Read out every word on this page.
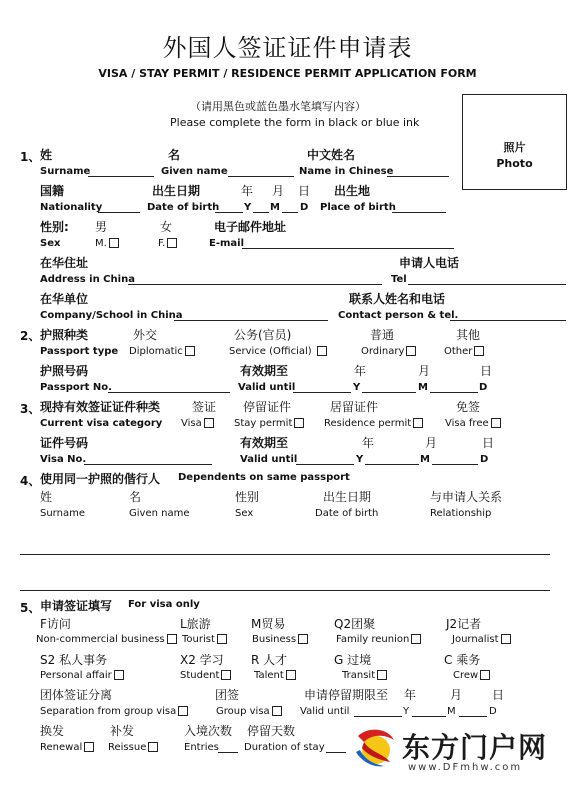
外国人签证证件申请表
VISA / STAY PERMIT / RESIDENCE PERMIT APPLICATION FORM
（请用黑色或蓝色墨水笔填写内容）
Please complete the form in black or blue ink
照片
Photo
1、 姓	名	中文姓名
Surname	Given name	Name in Chinese
国籍	出生日期	年 月 日 出生地
Nationality	Date of birth Y M D Place of birth
性别: 男	女	电子邮件地址
Sex	M.	F.	E-mail
在华住址	申请人电话
Address in China	Tel
在华单位	联系人姓名和电话
Company/School in China	Contact person & tel.
2、 护照种类	外交	公务(官员)	普通	其他
Passport type Diplomatic	Service (Official)	Ordinary	Other
护照号码	有效期至	年	月	日
Passport No.	Valid until	Y	M	D
3、 现持有效签证证件种类	签证 停留证件	居留证件	免签
Current visa category Visa	Stay permit	Residence permit	Visa free
证件号码	有效期至	年	月	日
Visa No.	Valid until	Y	M	D
4、 使用同一护照的偕行人 Dependents on same passport
姓	名	性别	出生日期	与申请人关系
Surname	Given name	Sex	Date of birth	Relationship
5、 申请签证填写 For visa only
F访问	L旅游	M贸易	Q2团聚	J2记者
Non-commercial business	Tourist	Business	Family reunion	Journalist
S2 私人事务	X2 学习 R 人才	G 过境	C 乘务
Personal affair	Student	Talent	Transit	Crew
团体签证分离	团签	申请停留期限至 年	月 日
Separation from group visa	Group visa	Valid until	Y	M	D
换发	补发	入境次数 停留天数
Renewal	Reissue	Entries	Duration of stay	东方门户网
www.DFmhw.com
